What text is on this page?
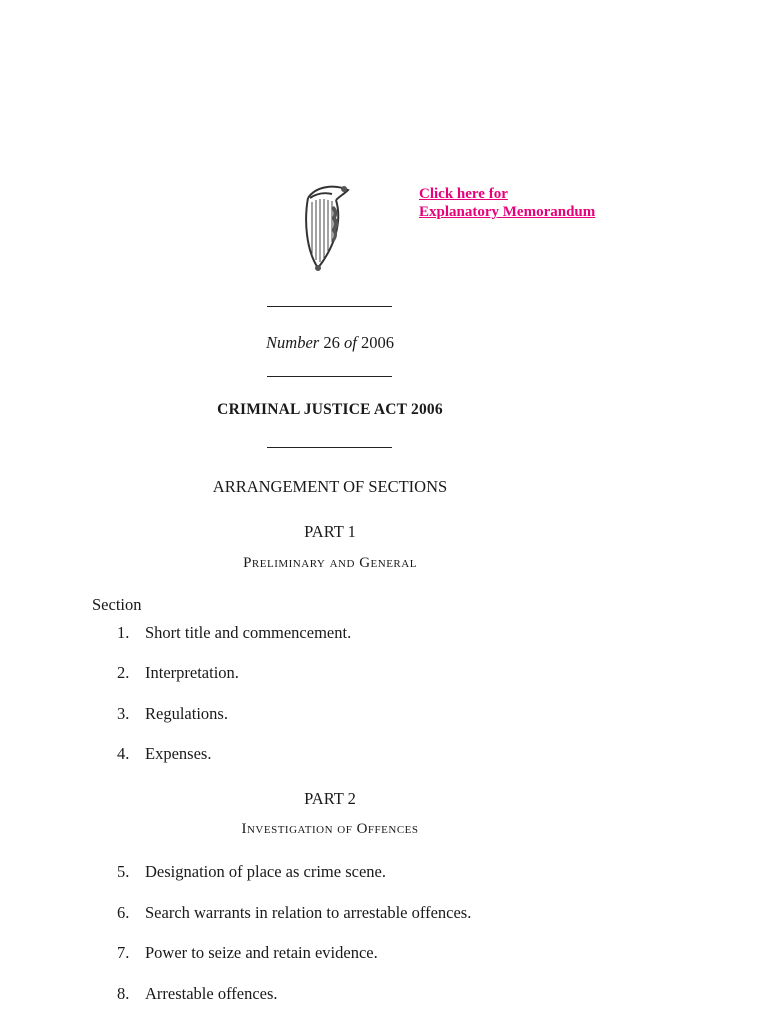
Click here for
Explanatory Memorandum
Number 26 of 2006
CRIMINAL JUSTICE ACT 2006
ARRANGEMENT OF SECTIONS
PART 1
Preliminary and General
Section
1. Short title and commencement.
2. Interpretation.
3. Regulations.
4. Expenses.
PART 2
Investigation of Offences
5. Designation of place as crime scene.
6. Search warrants in relation to arrestable offences.
7. Power to seize and retain evidence.
8. Arrestable offences.
